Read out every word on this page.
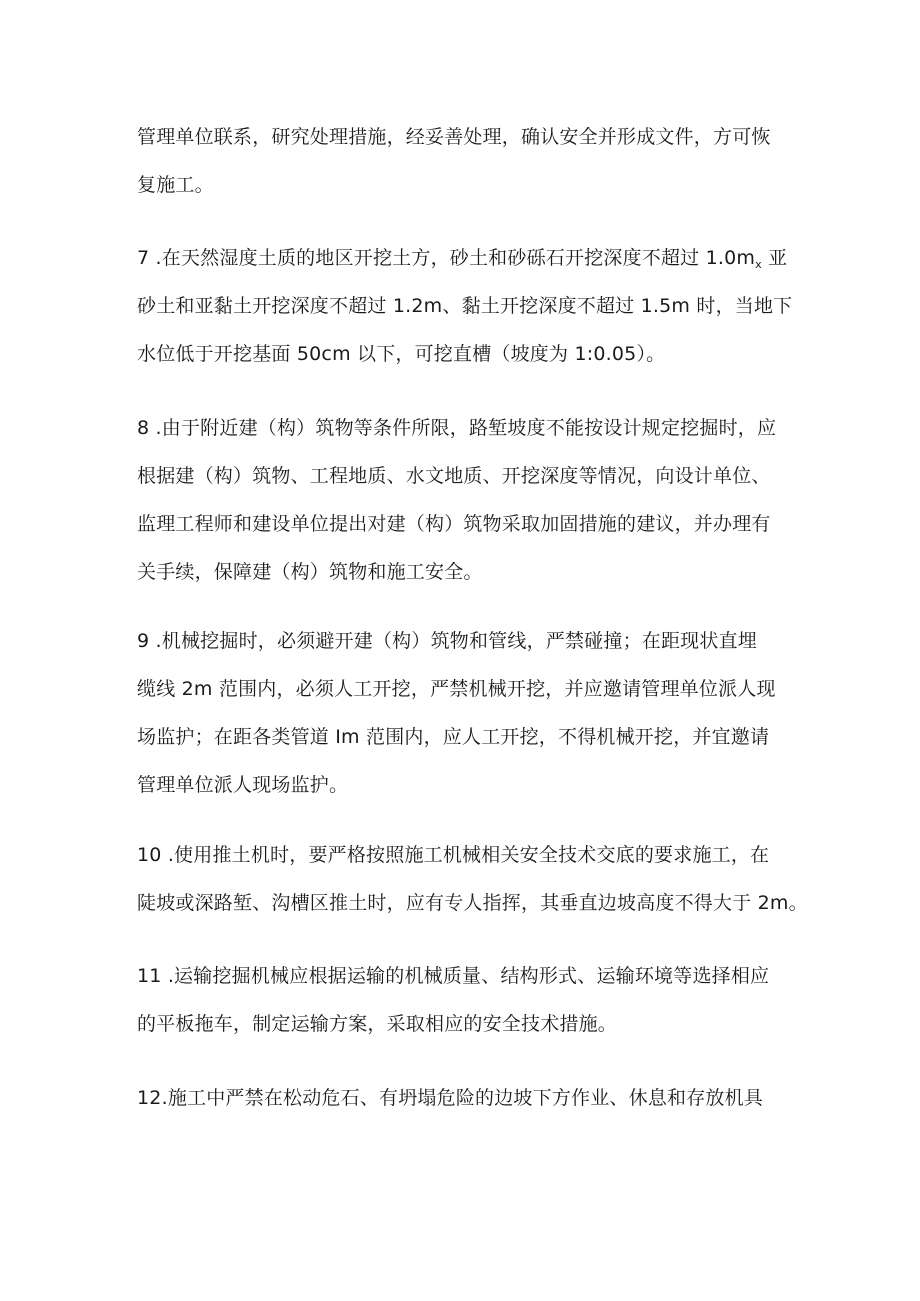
管理单位联系，研究处理措施，经妥善处理，确认安全并形成文件，方可恢
复施工。

7 .在天然湿度土质的地区开挖土方，砂土和砂砾石开挖深度不超过 $1.0m_x$ 亚
砂土和亚黏土开挖深度不超过 1.2m、黏土开挖深度不超过 1.5m 时，当地下
水位低于开挖基面 50cm 以下，可挖直槽（坡度为 1:0.05）。

8 .由于附近建（构）筑物等条件所限，路堑坡度不能按设计规定挖掘时，应
根据建（构）筑物、工程地质、水文地质、开挖深度等情况，向设计单位、
监理工程师和建设单位提出对建（构）筑物采取加固措施的建议，并办理有
关手续，保障建（构）筑物和施工安全。

9 .机械挖掘时，必须避开建（构）筑物和管线，严禁碰撞；在距现状直埋
缆线 2m 范围内，必须人工开挖，严禁机械开挖，并应邀请管理单位派人现
场监护；在距各类管道 Im 范围内，应人工开挖，不得机械开挖，并宜邀请
管理单位派人现场监护。

10 .使用推土机时，要严格按照施工机械相关安全技术交底的要求施工，在
陡坡或深路堑、沟槽区推土时，应有专人指挥，其垂直边坡高度不得大于 2m。

11 .运输挖掘机械应根据运输的机械质量、结构形式、运输环境等选择相应
的平板拖车，制定运输方案，采取相应的安全技术措施。

12.施工中严禁在松动危石、有坍塌危险的边坡下方作业、休息和存放机具
